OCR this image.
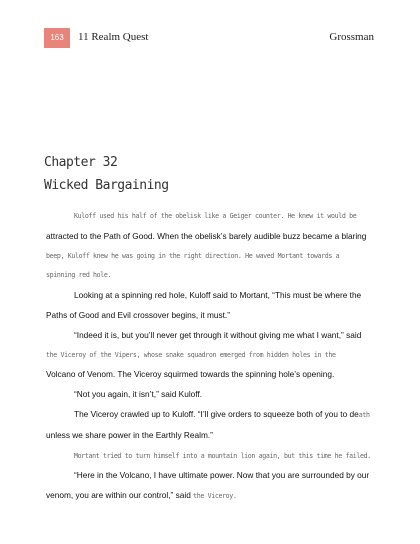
163	11 Realm Quest	Grossman
Chapter 32
Wicked Bargaining

Kuloff used his half of the obelisk like a Geiger counter. He knew it would be

attracted to the Path of Good. When the obelisk’s barely audible buzz became a blaring

beep, Kuloff knew he was going in the right direction. He waved Mortant towards a

spinning red hole.

Looking at a spinning red hole, Kuloff said to Mortant, “This must be where the

Paths of Good and Evil crossover begins, it must.”

“Indeed it is, but you’ll never get through it without giving me what I want,” said

the Viceroy of the Vipers, whose snake squadron emerged from hidden holes in the

Volcano of Venom. The Viceroy squirmed towards the spinning hole’s opening.

“Not you again, it isn’t,” said Kuloff.

The Viceroy crawled up to Kuloff. “I’ll give orders to squeeze both of you to death

unless we share power in the Earthly Realm.”

Mortant tried to turn himself into a mountain lion again, but this time he failed.

“Here in the Volcano, I have ultimate power. Now that you are surrounded by our

venom, you are within our control,” said the Viceroy.
